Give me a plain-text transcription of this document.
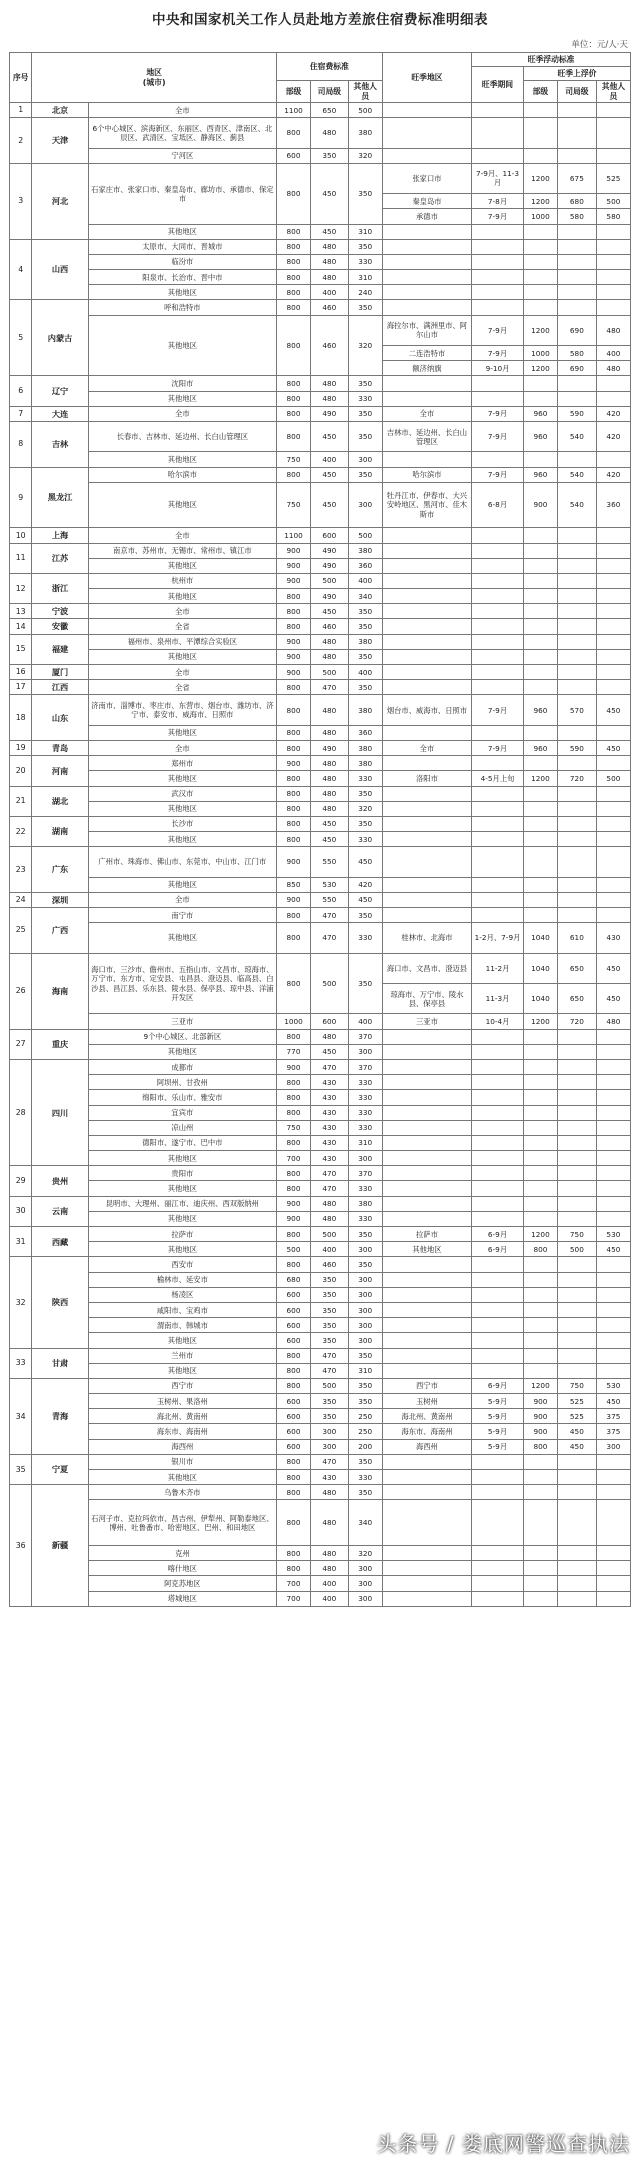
中央和国家机关工作人员赴地方差旅住宿费标准明细表
单位：元/人·天
序号	地区
(城市)		住宿费标准			旺季地区	旺季浮动标准			
							旺季期间	旺季上浮价		
			部级	司局级	其他人员			部级	司局级	其他人员
1	北京	全市	1100	650	500					
2	天津	6个中心城区、滨海新区、东丽区、西青区、津南区、北辰区、武清区、宝坻区、静海区、蓟县	800	480	380					
		宁河区	600	350	320					
3	河北	石家庄市、张家口市、秦皇岛市、廊坊市、承德市、保定市	800	450	350	张家口市	7-9月、11-3月	1200	675	525
						秦皇岛市	7-8月	1200	680	500
						承德市	7-9月	1000	580	580
		其他地区	800	450	310					
4	山西	太原市、大同市、晋城市	800	480	350					
		临汾市	800	480	330					
		阳泉市、长治市、晋中市	800	480	310					
		其他地区	800	400	240					
5	内蒙古	呼和浩特市	800	460	350					
		其他地区	800	460	320	海拉尔市、满洲里市、阿尔山市	7-9月	1200	690	480
						二连浩特市	7-9月	1000	580	400
						额济纳旗	9-10月	1200	690	480
6	辽宁	沈阳市	800	480	350					
		其他地区	800	480	330					
7	大连	全市	800	490	350	全市	7-9月	960	590	420
8	吉林	长春市、吉林市、延边州、长白山管理区	800	450	350	吉林市、延边州、长白山管理区	7-9月	960	540	420
		其他地区	750	400	300					
9	黑龙江	哈尔滨市	800	450	350	哈尔滨市	7-9月	960	540	420
		其他地区	750	450	300	牡丹江市、伊春市、大兴安岭地区、黑河市、佳木斯市	6-8月	900	540	360
10	上海	全市	1100	600	500					
11	江苏	南京市、苏州市、无锡市、常州市、镇江市	900	490	380					
		其他地区	900	490	360					
12	浙江	杭州市	900	500	400					
		其他地区	800	490	340					
13	宁波	全市	800	450	350					
14	安徽	全省	800	460	350					
15	福建	福州市、泉州市、平潭综合实验区	900	480	380					
		其他地区	900	480	350					
16	厦门	全市	900	500	400					
17	江西	全省	800	470	350					
18	山东	济南市、淄博市、枣庄市、东营市、烟台市、潍坊市、济宁市、泰安市、威海市、日照市	800	480	380	烟台市、威海市、日照市	7-9月	960	570	450
		其他地区	800	480	360					
19	青岛	全市	800	490	380	全市	7-9月	960	590	450
20	河南	郑州市	900	480	380					
		其他地区	800	480	330	洛阳市	4-5月上旬	1200	720	500
21	湖北	武汉市	800	480	350					
		其他地区	800	480	320					
22	湖南	长沙市	800	450	350					
		其他地区	800	450	330					
23	广东	广州市、珠海市、佛山市、东莞市、中山市、江门市	900	550	450					
		其他地区	850	530	420					
24	深圳	全市	900	550	450					
25	广西	南宁市	800	470	350					
		其他地区	800	470	330	桂林市、北海市	1-2月、7-9月	1040	610	430
26	海南	海口市、三沙市、儋州市、五指山市、文昌市、琼海市、万宁市、东方市、定安县、屯昌县、澄迈县、临高县、白沙县、昌江县、乐东县、陵水县、保亭县、琼中县、洋浦开发区	800	500	350	海口市、文昌市、澄迈县	11-2月	1040	650	450
						琼海市、万宁市、陵水县、保亭县	11-3月	1040	650	450
		三亚市	1000	600	400	三亚市	10-4月	1200	720	480
27	重庆	9个中心城区、北部新区	800	480	370					
		其他地区	770	450	300					
28	四川	成都市	900	470	370					
		阿坝州、甘孜州	800	430	330					
		绵阳市、乐山市、雅安市	800	430	330					
		宜宾市	800	430	330					
		凉山州	750	430	330					
		德阳市、遂宁市、巴中市	800	430	310					
		其他地区	700	430	300					
29	贵州	贵阳市	800	470	370					
		其他地区	800	470	330					
30	云南	昆明市、大理州、丽江市、迪庆州、西双版纳州	900	480	380					
		其他地区	900	480	330					
31	西藏	拉萨市	800	500	350	拉萨市	6-9月	1200	750	530
		其他地区	500	400	300	其他地区	6-9月	800	500	450
32	陕西	西安市	800	460	350					
		榆林市、延安市	680	350	300					
		杨凌区	600	350	300					
		咸阳市、宝鸡市	600	350	300					
		渭南市、韩城市	600	350	300					
		其他地区	600	350	300					
33	甘肃	兰州市	800	470	350					
		其他地区	800	470	310					
34	青海	西宁市	800	500	350	西宁市	6-9月	1200	750	530
		玉树州、果洛州	600	350	350	玉树州	5-9月	900	525	450
		海北州、黄南州	600	350	250	海北州、黄南州	5-9月	900	525	375
		海东市、海南州	600	300	250	海东市、海南州	5-9月	900	450	375
		海西州	600	300	200	海西州	5-9月	800	450	300
35	宁夏	银川市	800	470	350					
		其他地区	800	430	330					
36	新疆	乌鲁木齐市	800	480	350					
		石河子市、克拉玛依市、昌吉州、伊犁州、阿勒泰地区、博州、吐鲁番市、哈密地区、巴州、和田地区	800	480	340					
		克州	800	480	320					
		喀什地区	800	480	300					
		阿克苏地区	700	400	300					
		塔城地区	700	400	300					
头条号 / 娄底网警巡查执法
